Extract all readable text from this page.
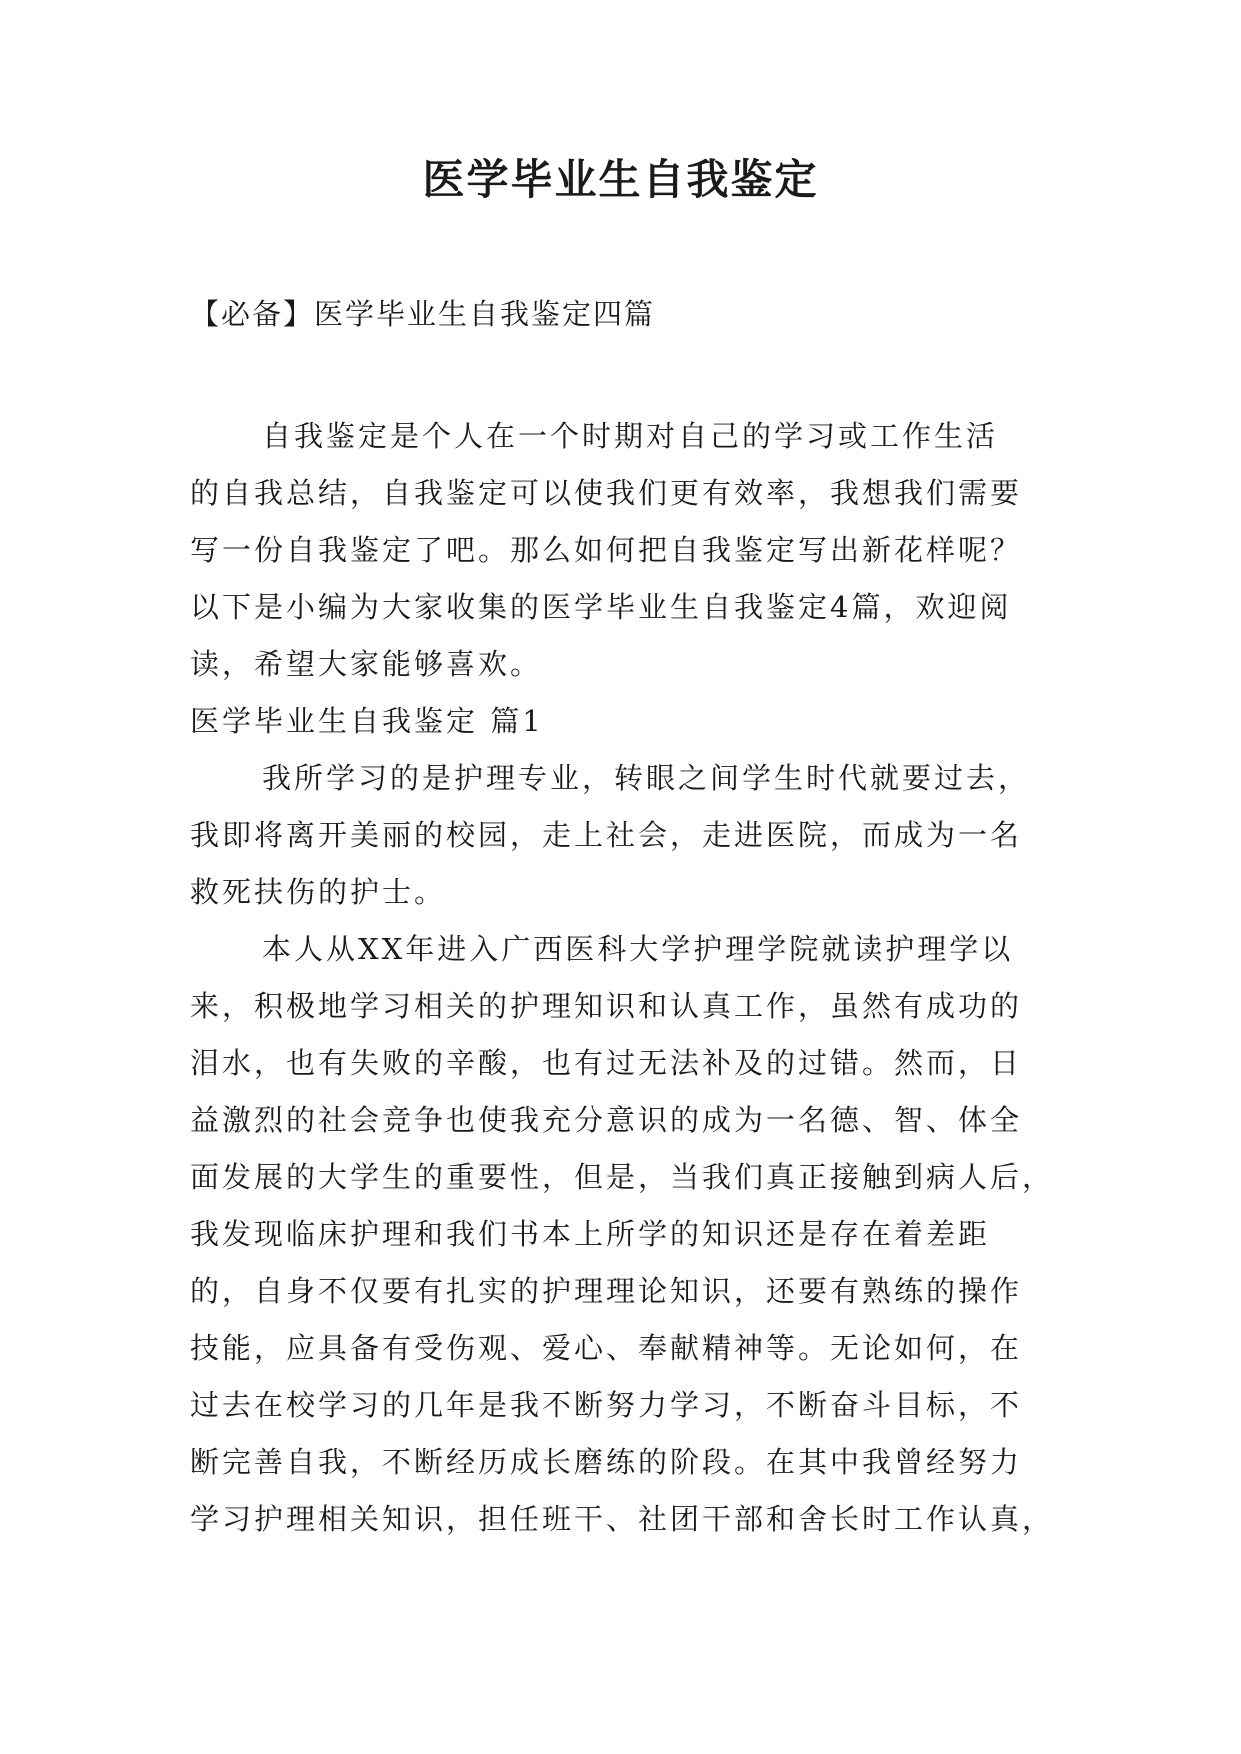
医学毕业生自我鉴定
【必备】医学毕业生自我鉴定四篇
自我鉴定是个人在一个时期对自己的学习或工作生活
的自我总结，自我鉴定可以使我们更有效率，我想我们需要
写一份自我鉴定了吧。那么如何把自我鉴定写出新花样呢？
以下是小编为大家收集的医学毕业生自我鉴定4篇，欢迎阅
读，希望大家能够喜欢。
医学毕业生自我鉴定 篇1
我所学习的是护理专业，转眼之间学生时代就要过去，
我即将离开美丽的校园，走上社会，走进医院，而成为一名
救死扶伤的护士。
本人从XX年进入广西医科大学护理学院就读护理学以
来，积极地学习相关的护理知识和认真工作，虽然有成功的
泪水，也有失败的辛酸，也有过无法补及的过错。然而，日
益激烈的社会竞争也使我充分意识的成为一名德、智、体全
面发展的大学生的重要性，但是，当我们真正接触到病人后，
我发现临床护理和我们书本上所学的知识还是存在着差距
的，自身不仅要有扎实的护理理论知识，还要有熟练的操作
技能，应具备有受伤观、爱心、奉献精神等。无论如何，在
过去在校学习的几年是我不断努力学习，不断奋斗目标，不
断完善自我，不断经历成长磨练的阶段。在其中我曾经努力
学习护理相关知识，担任班干、社团干部和舍长时工作认真，
